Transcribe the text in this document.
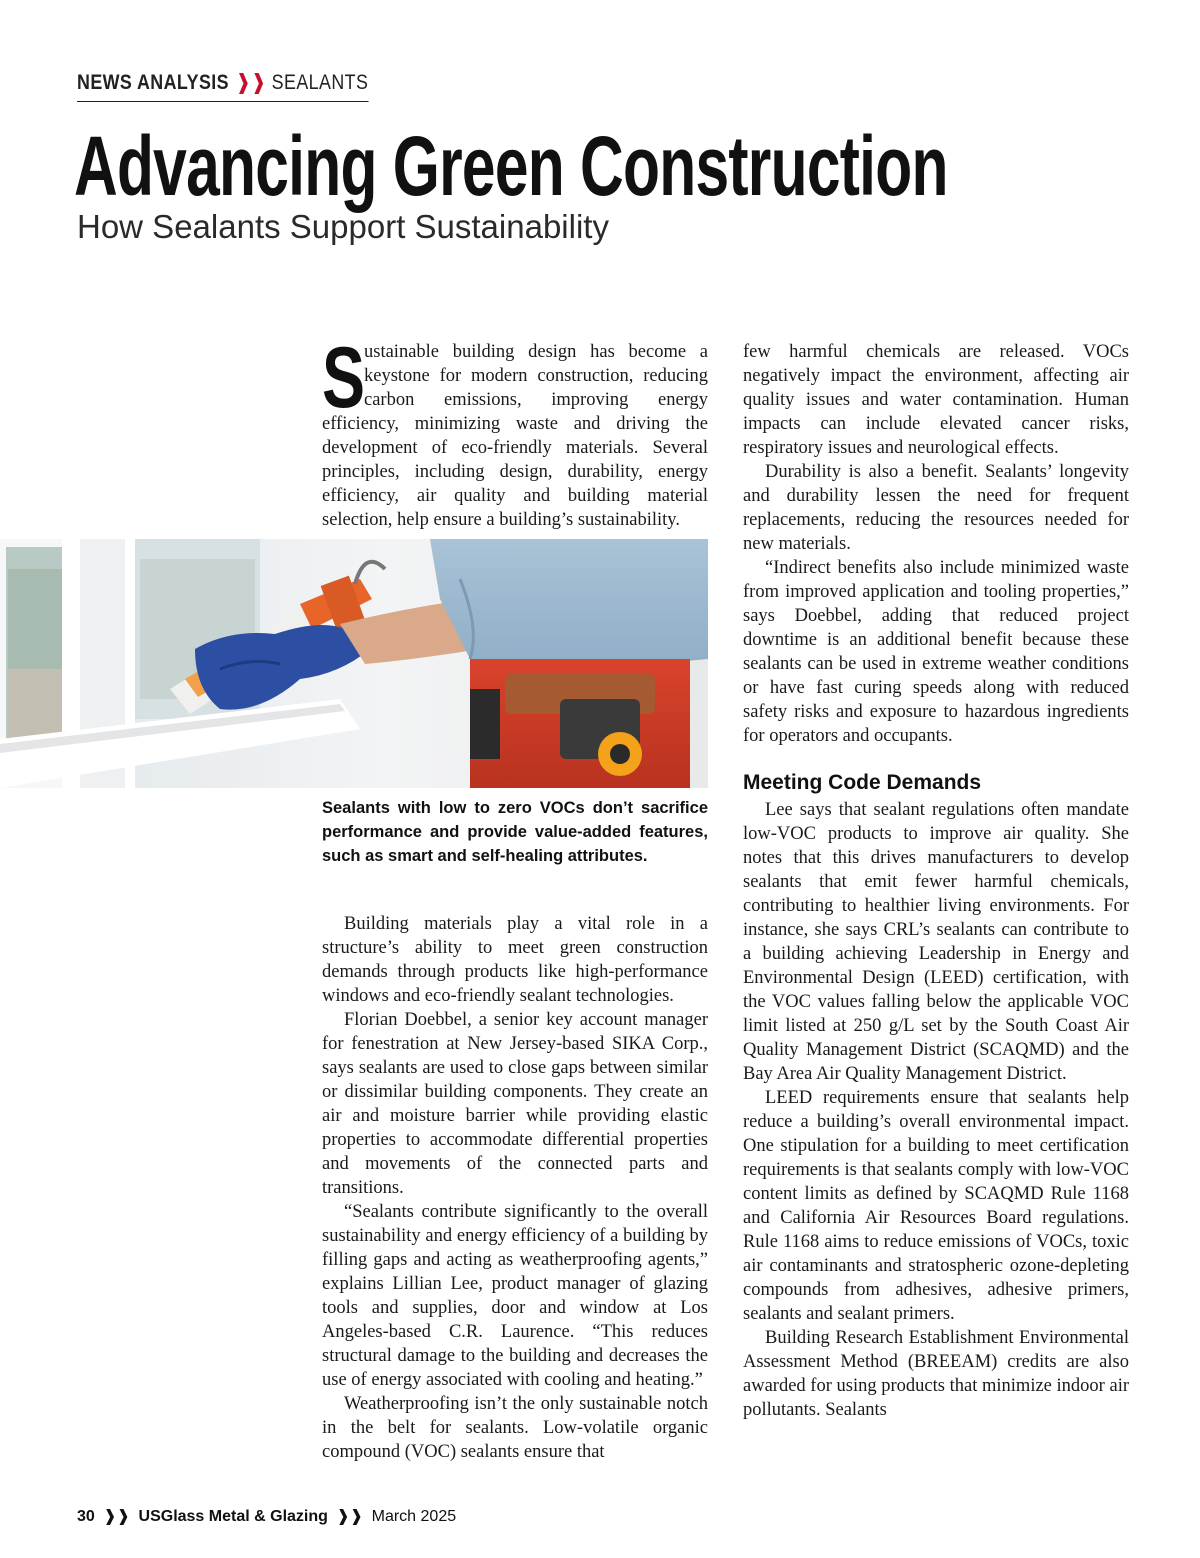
NEWS ANALYSIS ❱❱ SEALANTS
Advancing Green Construction
How Sealants Support Sustainability

S
ustainable building design has become a keystone for modern construction, reducing carbon emissions, improving energy efficiency, minimizing waste and driving the development of eco-friendly materials. Several principles, including design, durability, energy efficiency, air quality and building material selection, help ensure a building’s sustainability.

Sealants with low to zero VOCs don’t sacrifice performance and provide value-added features, such as smart and self-healing attributes.

Building materials play a vital role in a structure’s ability to meet green construction demands through products like high-performance windows and eco-friendly sealant technologies.

Florian Doebbel, a senior key account manager for fenestration at New Jersey-based SIKA Corp., says sealants are used to close gaps between similar or dissimilar building components. They create an air and moisture barrier while providing elastic properties to accommodate differential properties and movements of the connected parts and transitions.

“Sealants contribute significantly to the overall sustainability and energy efficiency of a building by filling gaps and acting as weatherproofing agents,” explains Lillian Lee, product manager of glazing tools and supplies, door and window at Los Angeles-based C.R. Laurence. “This reduces structural damage to the building and decreases the use of energy associated with cooling and heating.”

Weatherproofing isn’t the only sustainable notch in the belt for sealants. Low-volatile organic compound (VOC) sealants ensure that

few harmful chemicals are released. VOCs negatively impact the environment, affecting air quality issues and water contamination. Human impacts can include elevated cancer risks, respiratory issues and neurological effects.

Durability is also a benefit. Sealants’ longevity and durability lessen the need for frequent replacements, reducing the resources needed for new materials.

“Indirect benefits also include minimized waste from improved application and tooling properties,” says Doebbel, adding that reduced project downtime is an additional benefit because these sealants can be used in extreme weather conditions or have fast curing speeds along with reduced safety risks and exposure to hazardous ingredients for operators and occupants.

Meeting Code Demands

Lee says that sealant regulations often mandate low-VOC products to improve air quality. She notes that this drives manufacturers to develop sealants that emit fewer harmful chemicals, contributing to healthier living environments. For instance, she says CRL’s sealants can contribute to a building achieving Leadership in Energy and Environmental Design (LEED) certification, with the VOC values falling below the applicable VOC limit listed at 250 g/L set by the South Coast Air Quality Management District (SCAQMD) and the Bay Area Air Quality Management District.

LEED requirements ensure that sealants help reduce a building’s overall environmental impact. One stipulation for a building to meet certification requirements is that sealants comply with low-VOC content limits as defined by SCAQMD Rule 1168 and California Air Resources Board regulations. Rule 1168 aims to reduce emissions of VOCs, toxic air contaminants and stratospheric ozone-depleting compounds from adhesives, adhesive primers, sealants and sealant primers.

Building Research Establishment Environmental Assessment Method (BREEAM) credits are also awarded for using products that minimize indoor air pollutants. Sealants

30 ❱❱ USGlass Metal & Glazing ❱❱ March 2025
